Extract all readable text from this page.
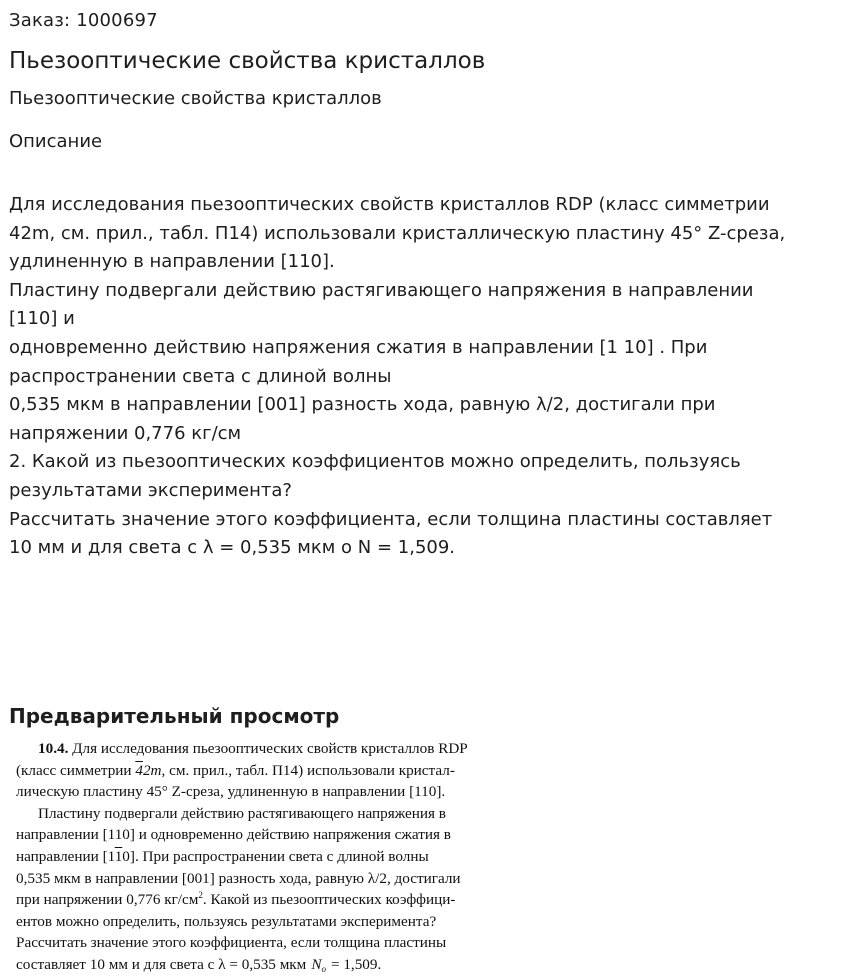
Заказ: 1000697
Пьезооптические свойства кристаллов
Пьезооптические свойства кристаллов
Описание
Для исследования пьезооптических свойств кристаллов RDP (класс симметрии
42m, см. прил., табл. П14) использовали кристаллическую пластину 45° Z-среза,
удлиненную в направлении [110].
Пластину подвергали действию растягивающего напряжения в направлении
[110] и
одновременно действию напряжения сжатия в направлении [1 10] . При
распространении света с длиной волны
0,535 мкм в направлении [001] разность хода, равную λ/2, достигали при
напряжении 0,776 кг/см
2. Какой из пьезооптических коэффициентов можно определить, пользуясь
результатами эксперимента?
Рассчитать значение этого коэффициента, если толщина пластины составляет
10 мм и для света с λ = 0,535 мкм о N = 1,509.
Предварительный просмотр
10.4. Для исследования пьезооптических свойств кристаллов RDP
(класс симметрии 42m, см. прил., табл. П14) использовали кристал-
лическую пластину 45° Z-среза, удлиненную в направлении [110].
Пластину подвергали действию растягивающего напряжения в
направлении [110] и одновременно действию напряжения сжатия в
направлении [110]. При распространении света с длиной волны
0,535 мкм в направлении [001] разность хода, равную λ/2, достигали
при напряжении 0,776 $кг/см^2$. Какой из пьезооптических коэффици-
ентов можно определить, пользуясь результатами эксперимента?
Рассчитать значение этого коэффициента, если толщина пластины
составляет 10 мм и для света с λ = 0,535 мкм $N_o = 1,509$.
